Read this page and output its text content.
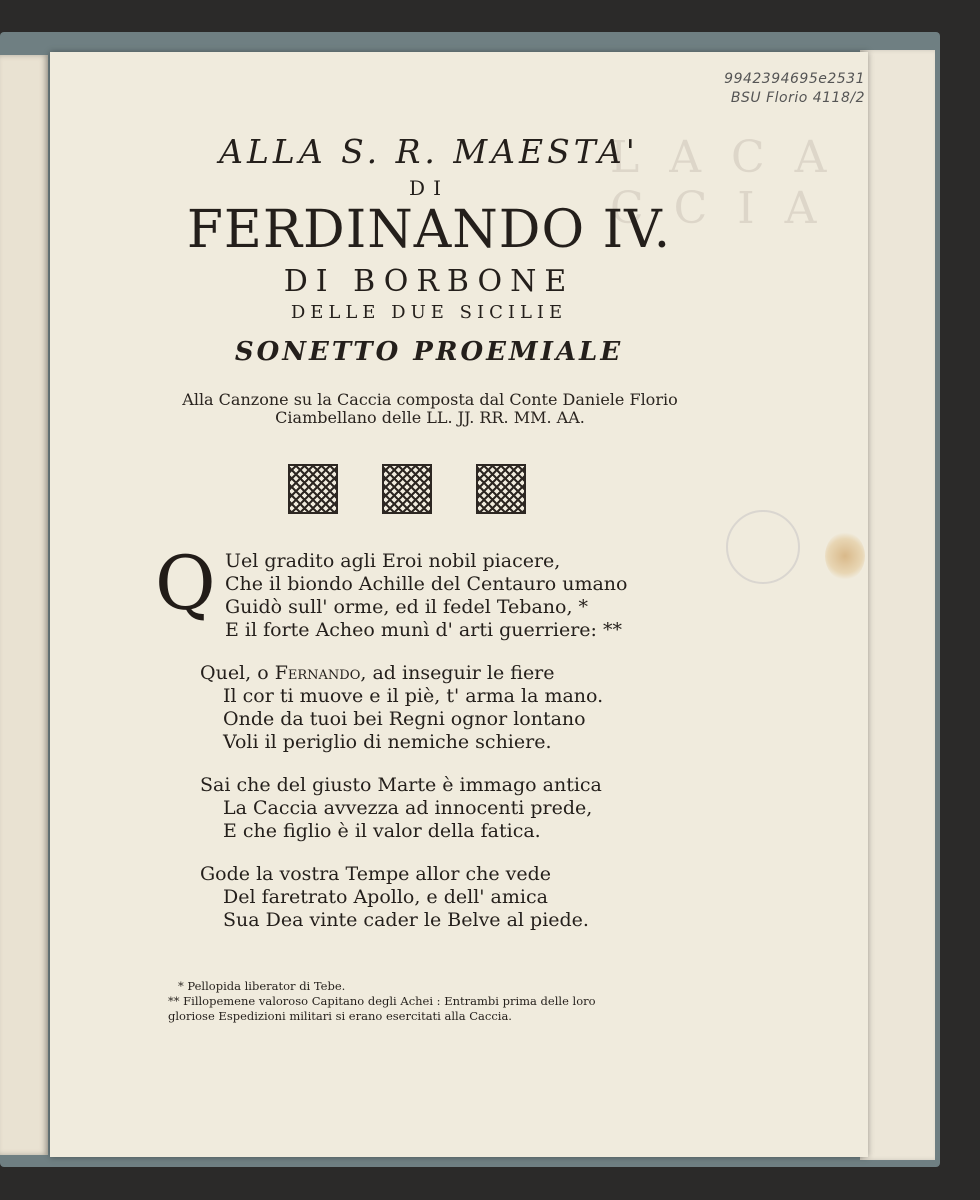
L A C A C C I A
9942394695e2531
BSU Florio 4118/2
ALLA S. R. MAESTA'
DI
FERDINANDO IV.
DI BORBONE
DELLE DUE SICILIE
SONETTO PROEMIALE
Alla Canzone su la Caccia composta dal Conte Daniele Florio
Ciambellano delle LL. JJ. RR. MM. AA.
Q Uel gradito agli Eroi nobil piacere,
Che il biondo Achille del Centauro umano
Guidò sull' orme, ed il fedel Tebano, *
E il forte Acheo munì d' arti guerriere: **
Quel, o Fernando, ad inseguir le fiere
Il cor ti muove e il piè, t' arma la mano.
Onde da tuoi bei Regni ognor lontano
Voli il periglio di nemiche schiere.
Sai che del giusto Marte è immago antica
La Caccia avvezza ad innocenti prede,
E che figlio è il valor della fatica.
Gode la vostra Tempe allor che vede
Del faretrato Apollo, e dell' amica
Sua Dea vinte cader le Belve al piede.
* Pellopida liberator di Tebe.
** Fillopemene valoroso Capitano degli Achei : Entrambi prima delle loro
gloriose Espedizioni militari si erano esercitati alla Caccia.
